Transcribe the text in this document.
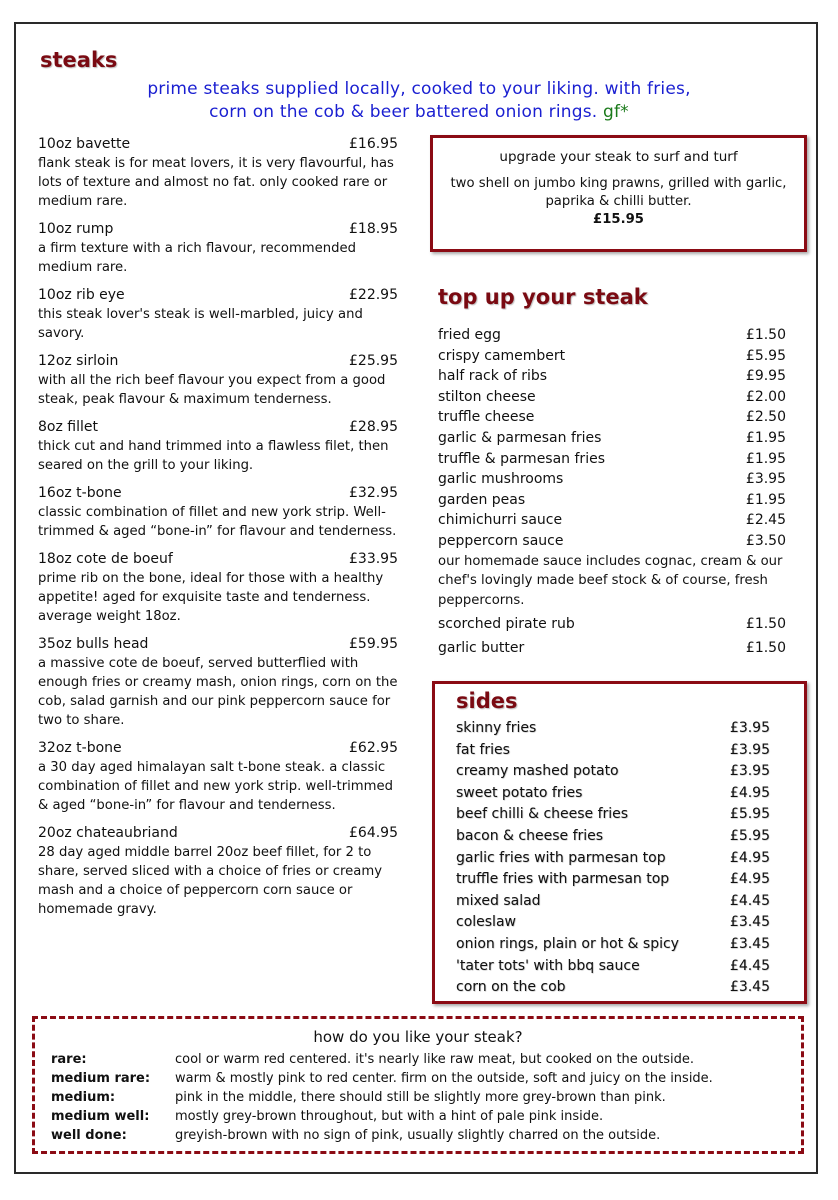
steaks
prime steaks supplied locally, cooked to your liking. with fries,
corn on the cob & beer battered onion rings. gf*
10oz bavette	£16.95
flank steak is for meat lovers, it is very flavourful, has lots of texture and almost no fat. only cooked rare or medium rare.
10oz rump	£18.95
a firm texture with a rich flavour, recommended medium rare.
10oz rib eye	£22.95
this steak lover's steak is well-marbled, juicy and savory.
12oz sirloin	£25.95
with all the rich beef flavour you expect from a good steak, peak flavour & maximum tenderness.
8oz fillet	£28.95
thick cut and hand trimmed into a flawless filet, then seared on the grill to your liking.
16oz t-bone	£32.95
classic combination of fillet and new york strip. Well-trimmed & aged “bone-in” for flavour and tenderness.
18oz cote de boeuf	£33.95
prime rib on the bone, ideal for those with a healthy appetite! aged for exquisite taste and tenderness. average weight 18oz.
35oz bulls head	£59.95
a massive cote de boeuf, served butterflied with enough fries or creamy mash, onion rings, corn on the cob, salad garnish and our pink peppercorn sauce for two to share.
32oz t-bone	£62.95
a 30 day aged himalayan salt t-bone steak. a classic combination of fillet and new york strip. well-trimmed & aged “bone-in” for flavour and tenderness.
20oz chateaubriand	£64.95
28 day aged middle barrel 20oz beef fillet, for 2 to share, served sliced with a choice of fries or creamy mash and a choice of peppercorn corn sauce or homemade gravy.
upgrade your steak to surf and turf
two shell on jumbo king prawns, grilled with garlic, paprika & chilli butter.
£15.95
top up your steak
fried egg	£1.50
crispy camembert	£5.95
half rack of ribs	£9.95
stilton cheese	£2.00
truffle cheese	£2.50
garlic & parmesan fries	£1.95
truffle & parmesan fries	£1.95
garlic mushrooms	£3.95
garden peas	£1.95
chimichurri sauce	£2.45
peppercorn sauce	£3.50
our homemade sauce includes cognac, cream & our chef's lovingly made beef stock & of course, fresh peppercorns.
scorched pirate rub	£1.50
garlic butter	£1.50
sides
skinny fries	£3.95
fat fries	£3.95
creamy mashed potato	£3.95
sweet potato fries	£4.95
beef chilli & cheese fries	£5.95
bacon & cheese fries	£5.95
garlic fries with parmesan top	£4.95
truffle fries with parmesan top	£4.95
mixed salad	£4.45
coleslaw	£3.45
onion rings, plain or hot & spicy	£3.45
'tater tots' with bbq sauce	£4.45
corn on the cob	£3.45
how do you like your steak?
rare:	cool or warm red centered. it's nearly like raw meat, but cooked on the outside.
medium rare:	warm & mostly pink to red center. firm on the outside, soft and juicy on the inside.
medium:	pink in the middle, there should still be slightly more grey-brown than pink.
medium well:	mostly grey-brown throughout, but with a hint of pale pink inside.
well done:	greyish-brown with no sign of pink, usually slightly charred on the outside.
